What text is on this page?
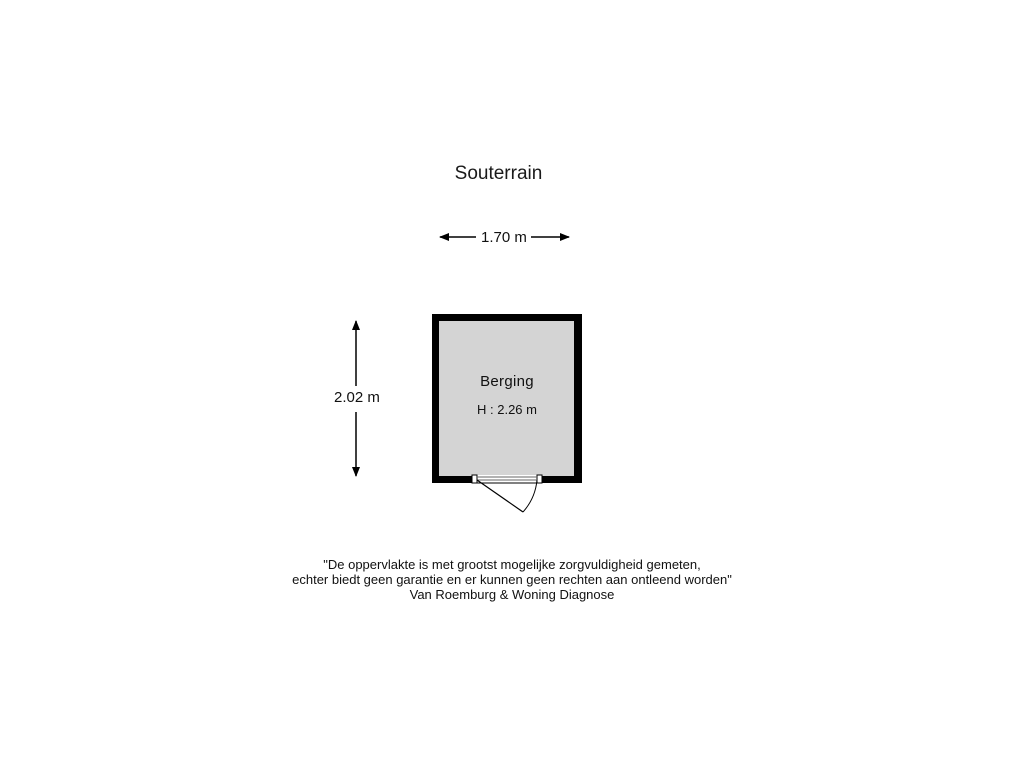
Souterrain
1.70 m
2.02 m
Berging
H : 2.26 m
"De oppervlakte is met grootst mogelijke zorgvuldigheid gemeten,
echter biedt geen garantie en er kunnen geen rechten aan ontleend worden"
Van Roemburg & Woning Diagnose
